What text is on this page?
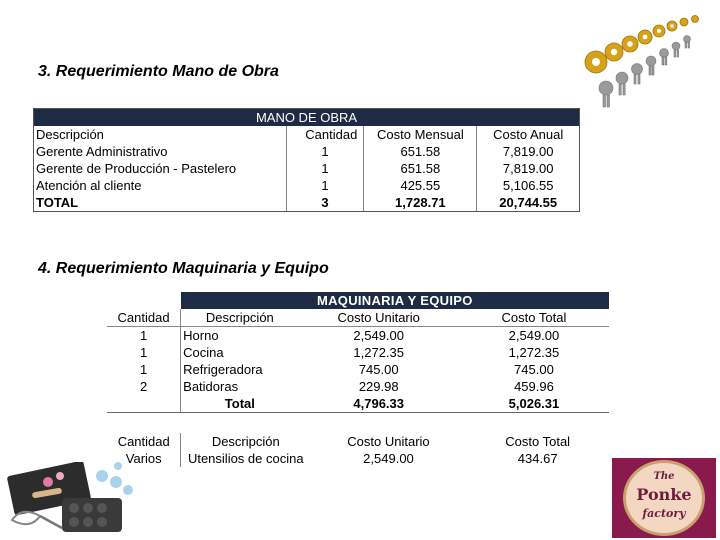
3. Requerimiento Mano de Obra
MANO DE OBRA			
Descripción	Cantidad	Costo Mensual	Costo Anual
Gerente Administrativo	1	651.58	7,819.00
Gerente de Producción - Pastelero	1	651.58	7,819.00
Atención al cliente	1	425.55	5,106.55
TOTAL	3	1,728.71	20,744.55
4. Requerimiento Maquinaria y Equipo
	MAQUINARIA Y EQUIPO		
Cantidad	Descripción	Costo Unitario	Costo Total
1	Horno	2,549.00	2,549.00
1	Cocina	1,272.35	1,272.35
1	Refrigeradora	745.00	745.00
2	Batidoras	229.98	459.96
	Total	4,796.33	5,026.31
Cantidad	Descripción	Costo Unitario	Costo Total
Varios	Utensilios de cocina	2,549.00	434.67
The
Ponke
factory
